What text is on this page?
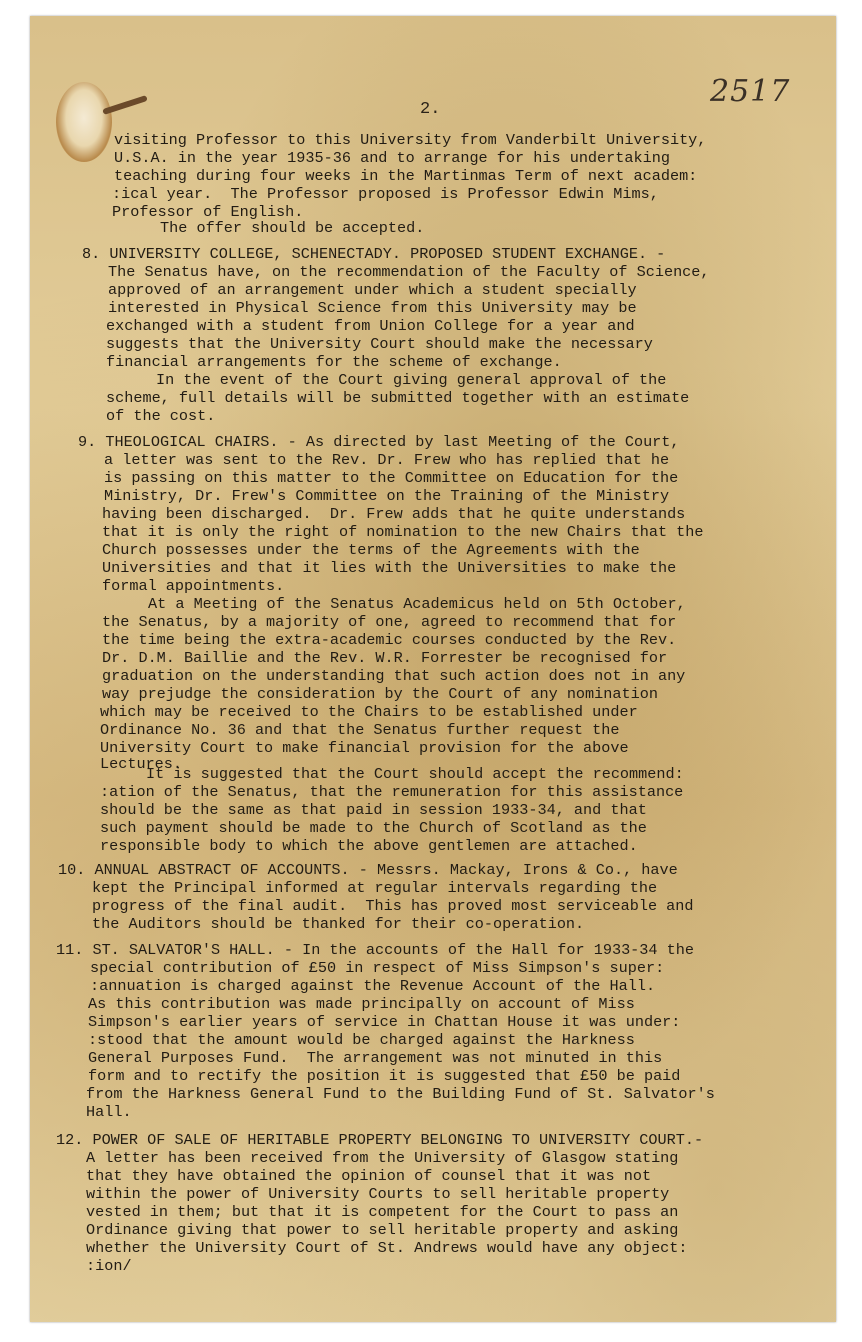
2.
2517
visiting Professor to this University from Vanderbilt University,
U.S.A. in the year 1935-36 and to arrange for his undertaking
teaching during four weeks in the Martinmas Term of next academ:
:ical year.  The Professor proposed is Professor Edwin Mims,
Professor of English.
The offer should be accepted.
8. UNIVERSITY COLLEGE, SCHENECTADY. PROPOSED STUDENT EXCHANGE. -
The Senatus have, on the recommendation of the Faculty of Science,
approved of an arrangement under which a student specially
interested in Physical Science from this University may be
exchanged with a student from Union College for a year and
suggests that the University Court should make the necessary
financial arrangements for the scheme of exchange.
In the event of the Court giving general approval of the
scheme, full details will be submitted together with an estimate
of the cost.
9. THEOLOGICAL CHAIRS. - As directed by last Meeting of the Court,
a letter was sent to the Rev. Dr. Frew who has replied that he
is passing on this matter to the Committee on Education for the
Ministry, Dr. Frew's Committee on the Training of the Ministry
having been discharged.  Dr. Frew adds that he quite understands
that it is only the right of nomination to the new Chairs that the
Church possesses under the terms of the Agreements with the
Universities and that it lies with the Universities to make the
formal appointments.
At a Meeting of the Senatus Academicus held on 5th October,
the Senatus, by a majority of one, agreed to recommend that for
the time being the extra-academic courses conducted by the Rev.
Dr. D.M. Baillie and the Rev. W.R. Forrester be recognised for
graduation on the understanding that such action does not in any
way prejudge the consideration by the Court of any nomination
which may be received to the Chairs to be established under
Ordinance No. 36 and that the Senatus further request the
University Court to make financial provision for the above
Lectures.
It is suggested that the Court should accept the recommend:
:ation of the Senatus, that the remuneration for this assistance
should be the same as that paid in session 1933-34, and that
such payment should be made to the Church of Scotland as the
responsible body to which the above gentlemen are attached.
10. ANNUAL ABSTRACT OF ACCOUNTS. - Messrs. Mackay, Irons & Co., have
kept the Principal informed at regular intervals regarding the
progress of the final audit.  This has proved most serviceable and
the Auditors should be thanked for their co-operation.
11. ST. SALVATOR'S HALL. - In the accounts of the Hall for 1933-34 the
special contribution of £50 in respect of Miss Simpson's super:
:annuation is charged against the Revenue Account of the Hall.
As this contribution was made principally on account of Miss
Simpson's earlier years of service in Chattan House it was under:
:stood that the amount would be charged against the Harkness
General Purposes Fund.  The arrangement was not minuted in this
form and to rectify the position it is suggested that £50 be paid
from the Harkness General Fund to the Building Fund of St. Salvator's
Hall.
12. POWER OF SALE OF HERITABLE PROPERTY BELONGING TO UNIVERSITY COURT.-
A letter has been received from the University of Glasgow stating
that they have obtained the opinion of counsel that it was not
within the power of University Courts to sell heritable property
vested in them; but that it is competent for the Court to pass an
Ordinance giving that power to sell heritable property and asking
whether the University Court of St. Andrews would have any object:
:ion/
